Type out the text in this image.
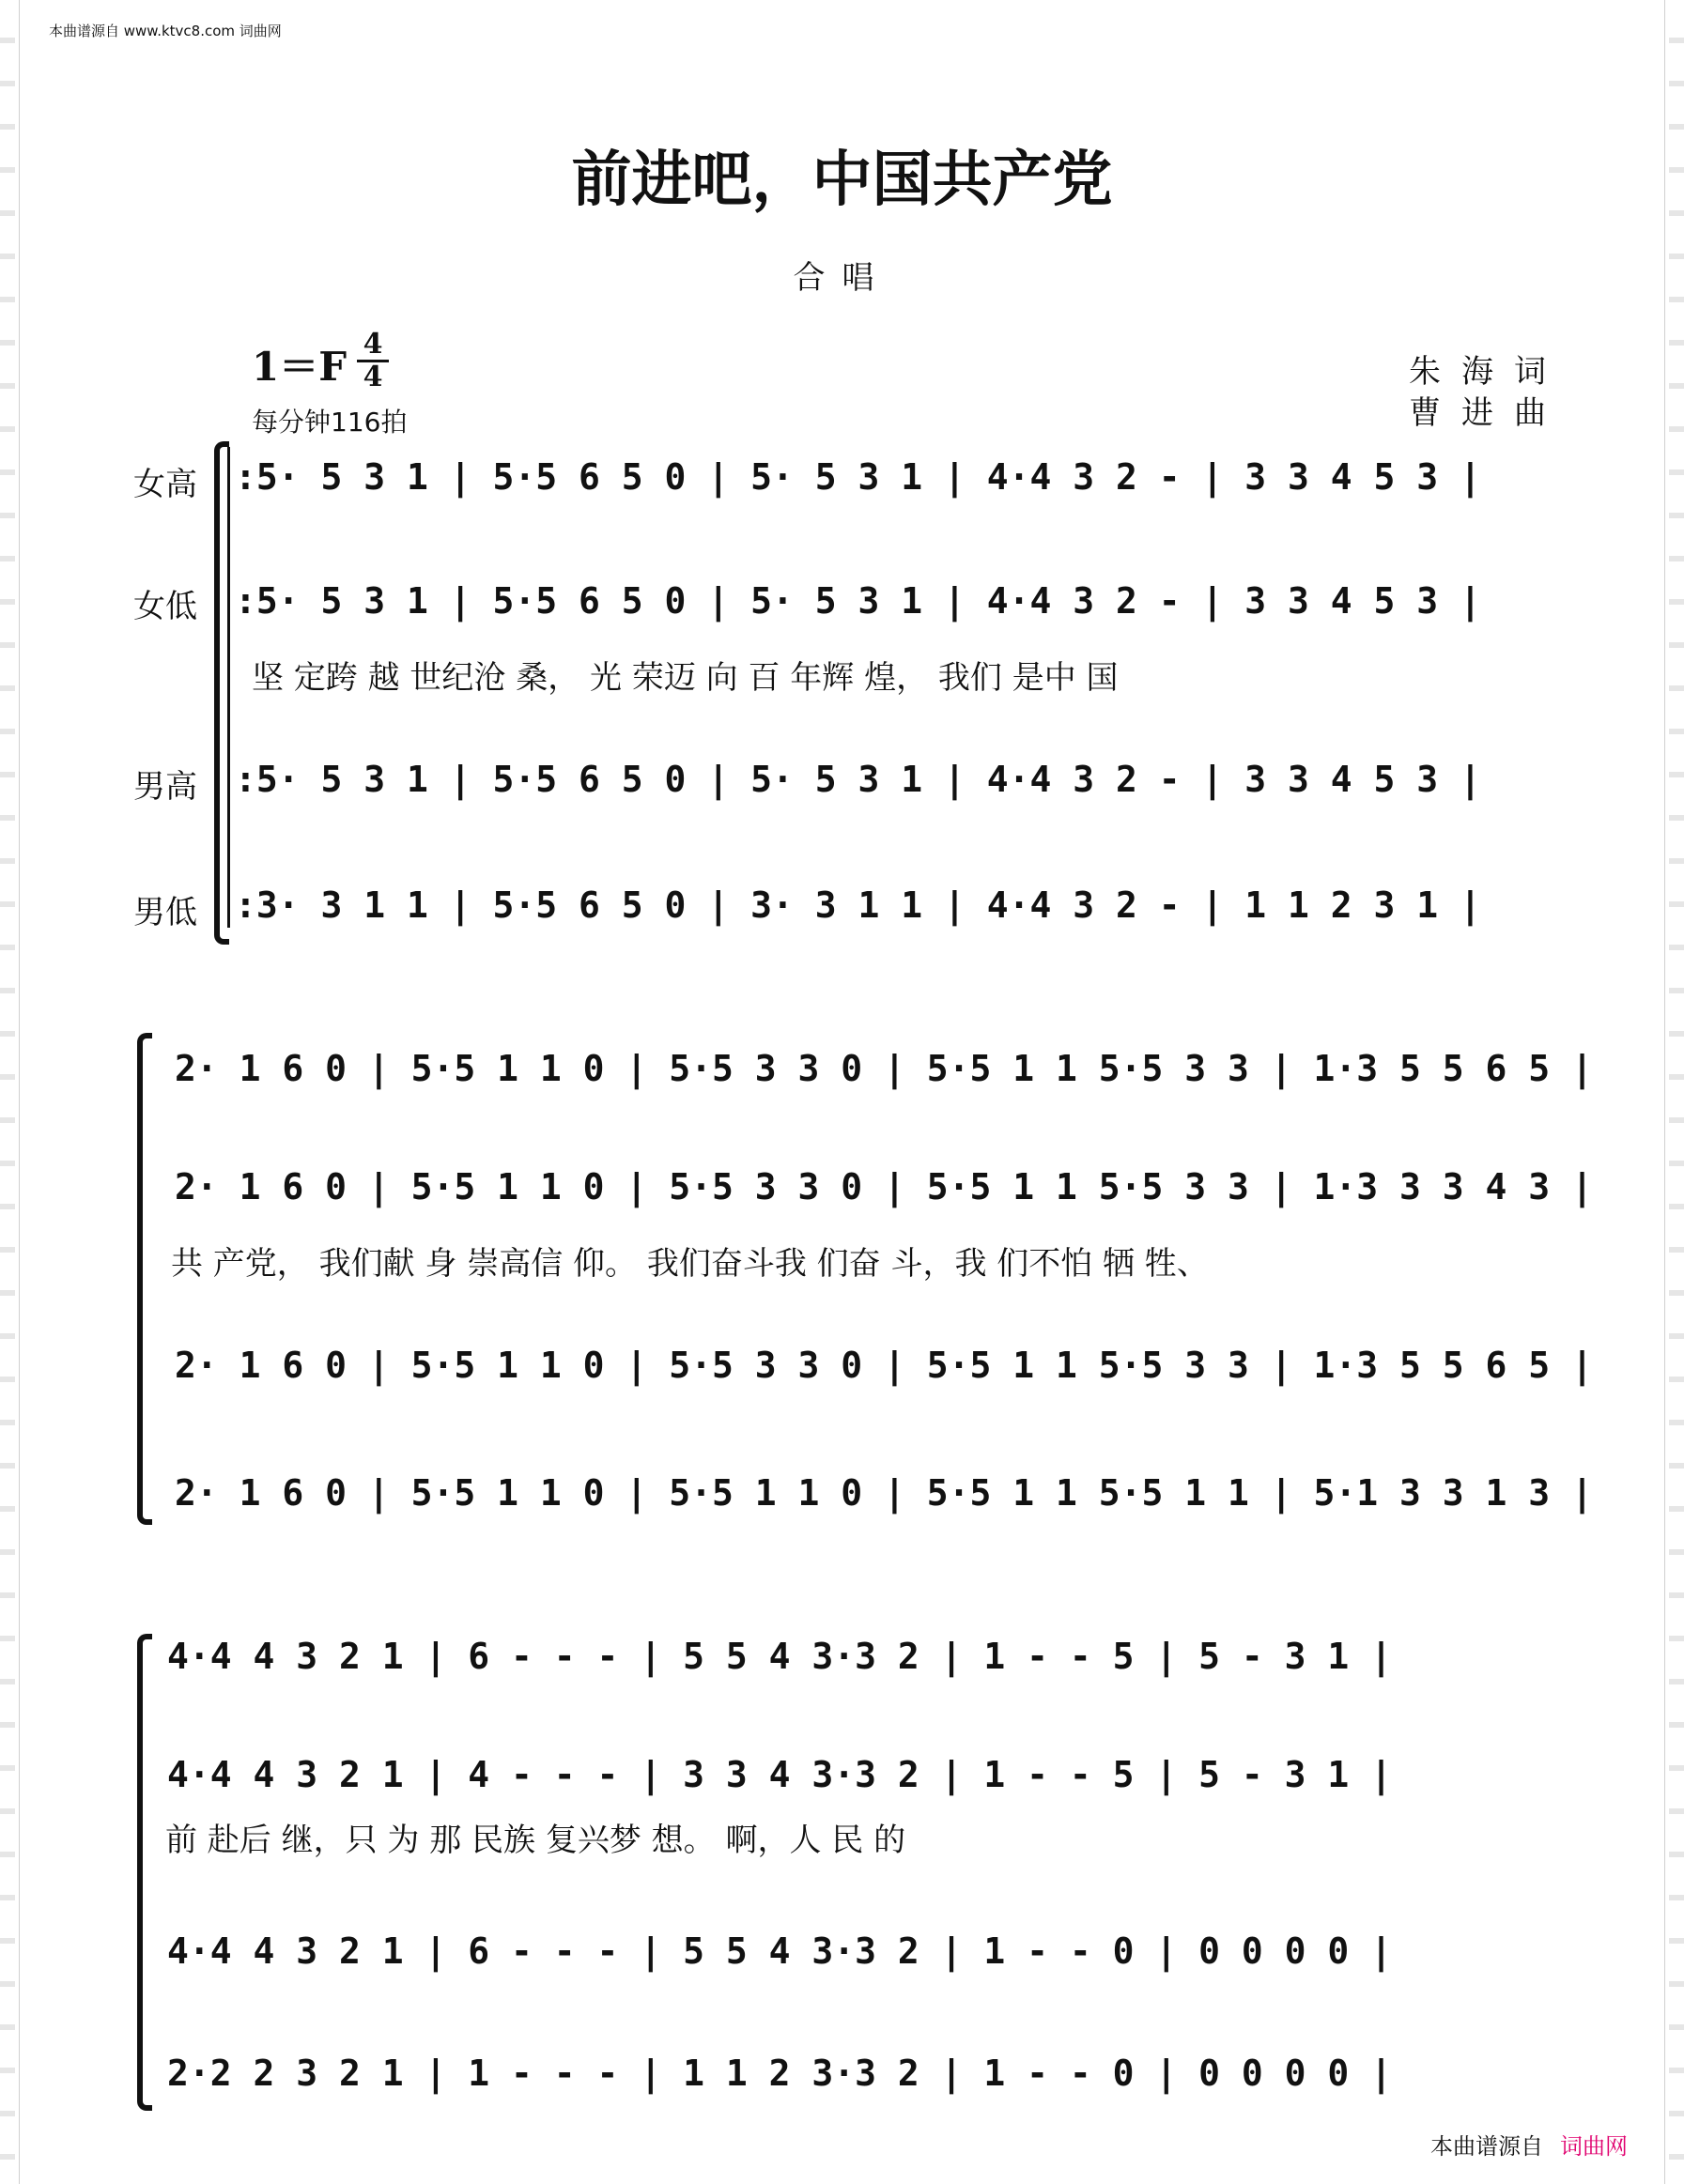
本曲谱源自 www.ktvc8.com 词曲网
前进吧，中国共产党
合唱
1＝F 4
4
每分钟116拍
朱海词
曹进曲
女高
女低
男高
男低
:5· 5 3 1 | 5·5 6 5 0 | 5· 5 3 1 | 4·4 3 2 - | 3 3 4 5 3 |
:5· 5 3 1 | 5·5 6 5 0 | 5· 5 3 1 | 4·4 3 2 - | 3 3 4 5 3 |
坚 定跨 越 世纪沧 桑， 光 荣迈 向 百 年辉 煌， 我们 是中 国
:5· 5 3 1 | 5·5 6 5 0 | 5· 5 3 1 | 4·4 3 2 - | 3 3 4 5 3 |
:3· 3 1 1 | 5·5 6 5 0 | 3· 3 1 1 | 4·4 3 2 - | 1 1 2 3 1 |
2· 1 6 0 | 5·5 1 1 0 | 5·5 3 3 0 | 5·5 1 1 5·5 3 3 | 1·3 5 5 6 5 |
2· 1 6 0 | 5·5 1 1 0 | 5·5 3 3 0 | 5·5 1 1 5·5 3 3 | 1·3 3 3 4 3 |
共 产党， 我们献 身 崇高信 仰。 我们奋斗我 们奋 斗，我 们不怕 牺 牲、
2· 1 6 0 | 5·5 1 1 0 | 5·5 3 3 0 | 5·5 1 1 5·5 3 3 | 1·3 5 5 6 5 |
2· 1 6 0 | 5·5 1 1 0 | 5·5 1 1 0 | 5·5 1 1 5·5 1 1 | 5·1 3 3 1 3 |
4·4 4 3 2 1 | 6 - - - | 5 5 4 3·3 2 | 1 - - 5 | 5 - 3 1 |
4·4 4 3 2 1 | 4 - - - | 3 3 4 3·3 2 | 1 - - 5 | 5 - 3 1 |
前 赴后 继，只 为 那 民族 复兴梦 想。 啊，人 民 的
4·4 4 3 2 1 | 6 - - - | 5 5 4 3·3 2 | 1 - - 0 | 0 0 0 0 |
2·2 2 3 2 1 | 1 - - - | 1 1 2 3·3 2 | 1 - - 0 | 0 0 0 0 |
本曲谱源自 词曲网
